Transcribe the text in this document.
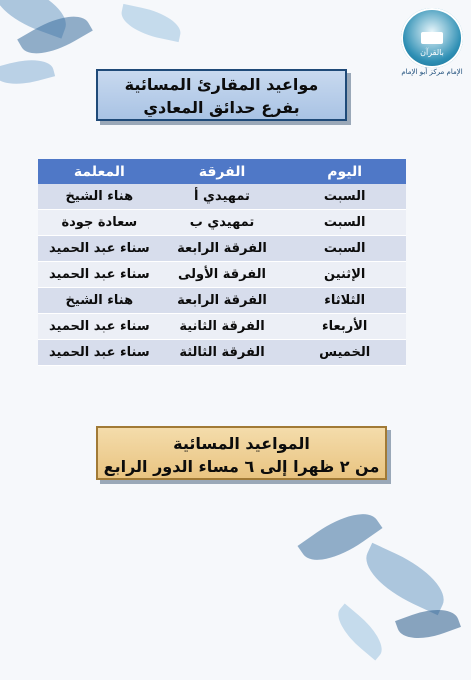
بالقرآن
الإمام مركز أبو الإمام
مواعيد المقارئ المسائية
بفرع حدائق المعادي
اليوم
الفرقة
المعلمة
السبت
تمهيدي أ
هناء الشيخ
السبت
تمهيدي ب
سعادة جودة
السبت
الفرقة الرابعة
سناء عبد الحميد
الإثنين
الفرقة الأولى
سناء عبد الحميد
الثلاثاء
الفرقة الرابعة
هناء الشيخ
الأربعاء
الفرقة الثانية
سناء عبد الحميد
الخميس
الفرقة الثالثة
سناء عبد الحميد
المواعيد المسائية
من ٢ ظهرا إلى ٦ مساء الدور الرابع
